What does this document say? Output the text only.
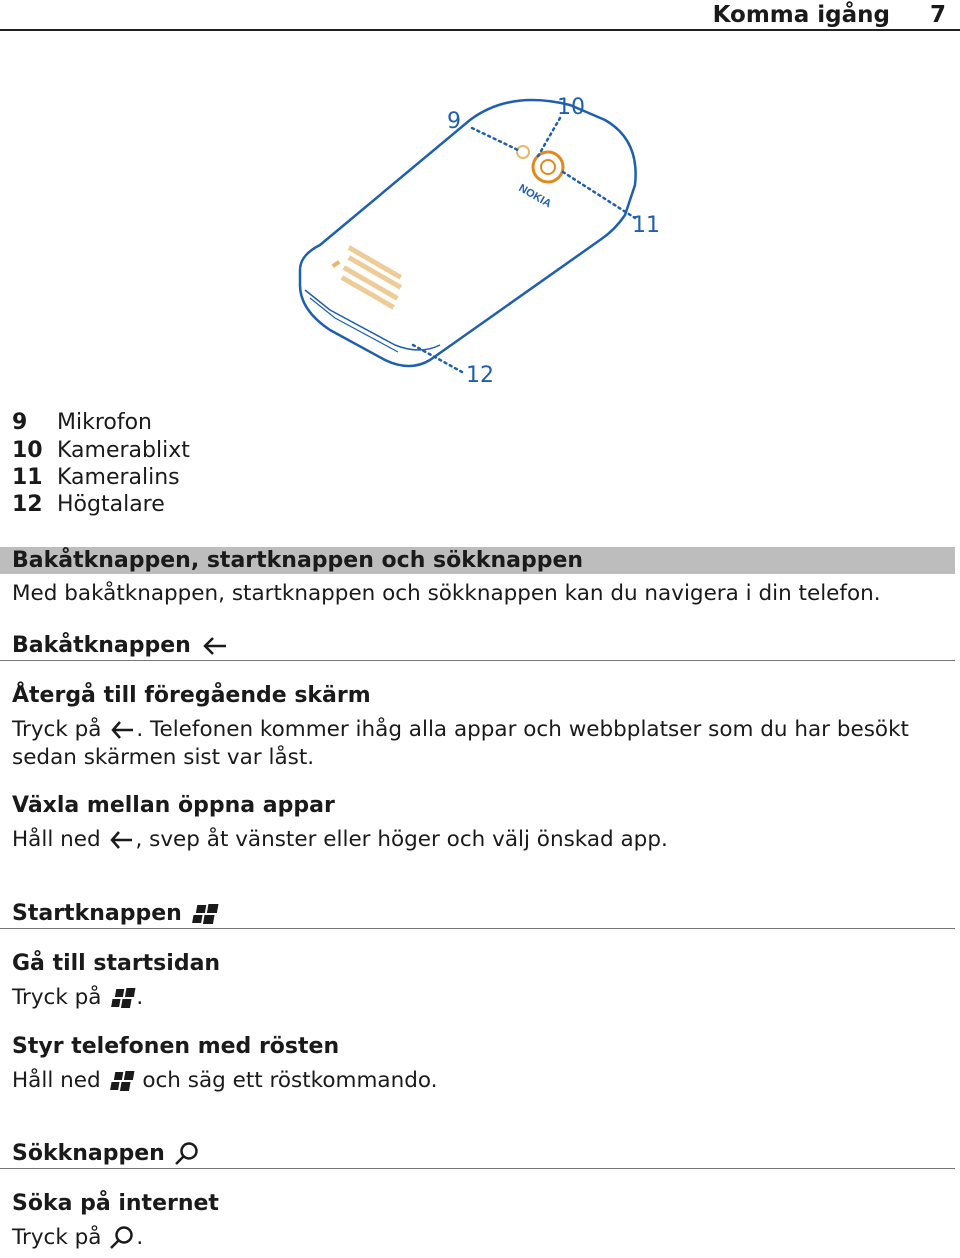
Komma igång 7
NOKIA
9
10
11
12
9	Mikrofon
10 Kamerablixt
11 Kameralins
12 Högtalare
Bakåtknappen, startknappen och sökknappen
Med bakåtknappen, startknappen och sökknappen kan du navigera i din telefon.
Bakåtknappen
Återgå till föregående skärm
Tryck på . Telefonen kommer ihåg alla appar och webbplatser som du har besökt
sedan skärmen sist var låst.
Växla mellan öppna appar
Håll ned , svep åt vänster eller höger och välj önskad app.
Startknappen
Gå till startsidan
Tryck på .
Styr telefonen med rösten
Håll ned och säg ett röstkommando.
Sökknappen
Söka på internet
Tryck på .
